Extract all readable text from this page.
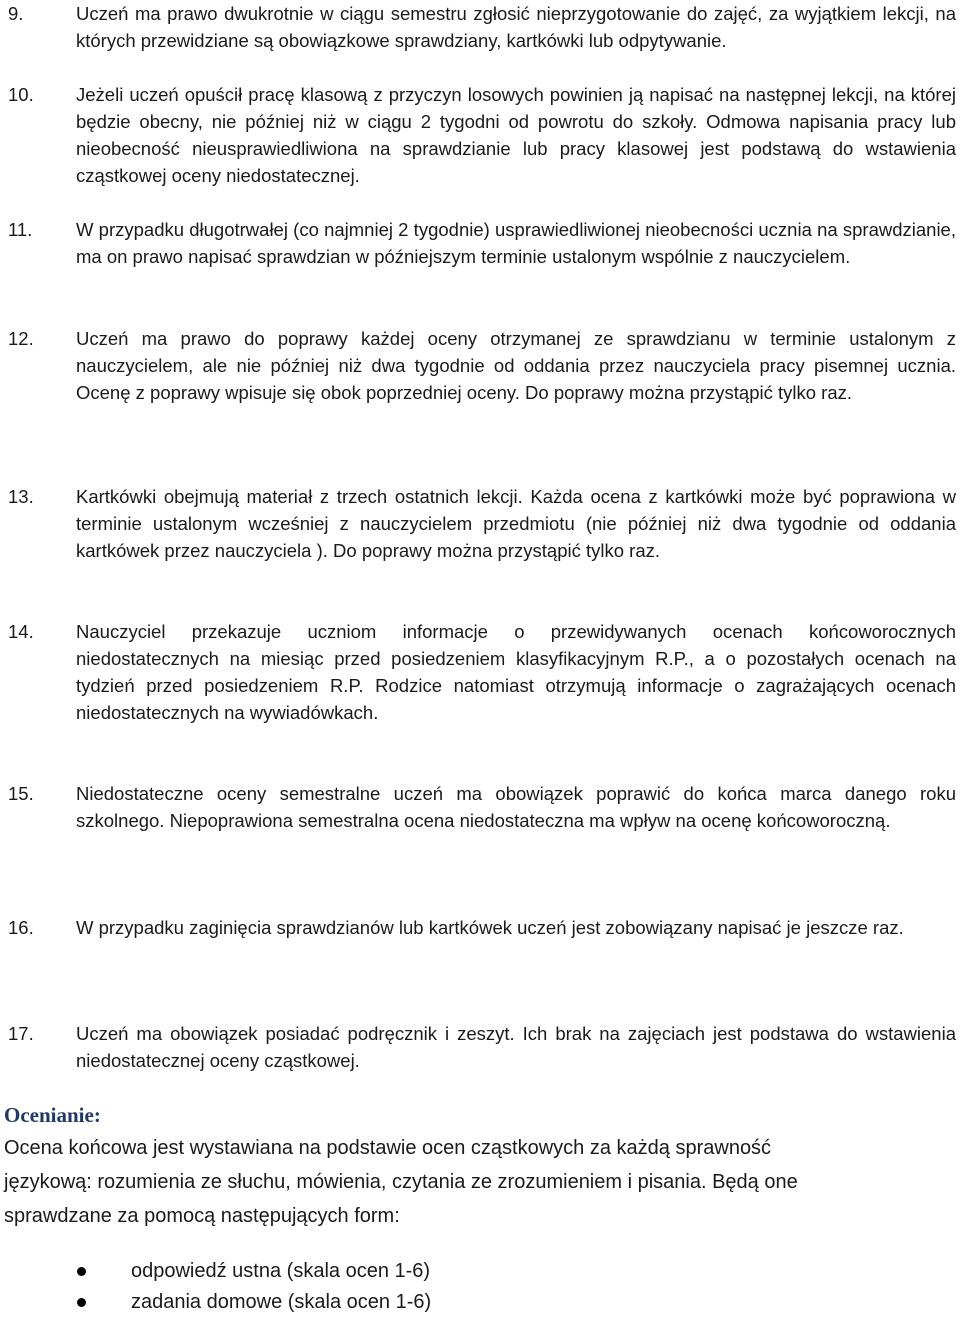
9.	Uczeń ma prawo dwukrotnie w ciągu semestru zgłosić nieprzygotowanie do zajęć, za wyjątkiem lekcji, na których przewidziane są obowiązkowe sprawdziany, kartkówki lub odpytywanie.
10.	Jeżeli uczeń opuścił pracę klasową z przyczyn losowych powinien ją napisać na następnej lekcji, na której będzie obecny, nie później niż w ciągu 2 tygodni od powrotu do szkoły. Odmowa napisania pracy lub nieobecność nieusprawiedliwiona na sprawdzianie lub pracy klasowej jest podstawą do wstawienia cząstkowej oceny niedostatecznej.
11.	W przypadku długotrwałej (co najmniej 2 tygodnie) usprawiedliwionej nieobecności ucznia na sprawdzianie, ma on prawo napisać sprawdzian w późniejszym terminie ustalonym wspólnie z nauczycielem.
12.	Uczeń ma prawo do poprawy każdej oceny otrzymanej ze sprawdzianu w terminie ustalonym z nauczycielem, ale nie później niż dwa tygodnie od oddania przez nauczyciela pracy pisemnej ucznia. Ocenę z poprawy wpisuje się obok poprzedniej oceny. Do poprawy można przystąpić tylko raz.
13.	Kartkówki obejmują materiał z trzech ostatnich lekcji. Każda ocena z kartkówki może być poprawiona w terminie ustalonym wcześniej z nauczycielem przedmiotu (nie później niż dwa tygodnie od oddania kartkówek przez nauczyciela ). Do poprawy można przystąpić tylko raz.
14.	Nauczyciel przekazuje uczniom informacje o przewidywanych ocenach końcoworocznych niedostatecznych na miesiąc przed posiedzeniem klasyfikacyjnym R.P., a o pozostałych ocenach na tydzień przed posiedzeniem R.P. Rodzice natomiast otrzymują informacje o zagrażających ocenach niedostatecznych na wywiadówkach.
15.	Niedostateczne oceny semestralne uczeń ma obowiązek poprawić do końca marca danego roku szkolnego. Niepoprawiona semestralna ocena niedostateczna ma wpływ na ocenę końcoworoczną.
16.	W przypadku zaginięcia sprawdzianów lub kartkówek uczeń jest zobowiązany napisać je jeszcze raz.
17.	Uczeń ma obowiązek posiadać podręcznik i zeszyt. Ich brak na zajęciach jest podstawa do wstawienia niedostatecznej oceny cząstkowej.
Ocenianie:
Ocena końcowa jest wystawiana na podstawie ocen cząstkowych za każdą sprawność językową: rozumienia ze słuchu, mówienia, czytania ze zrozumieniem i pisania. Będą one sprawdzane za pomocą następujących form:
odpowiedź ustna (skala ocen 1-6)
zadania domowe (skala ocen 1-6)
